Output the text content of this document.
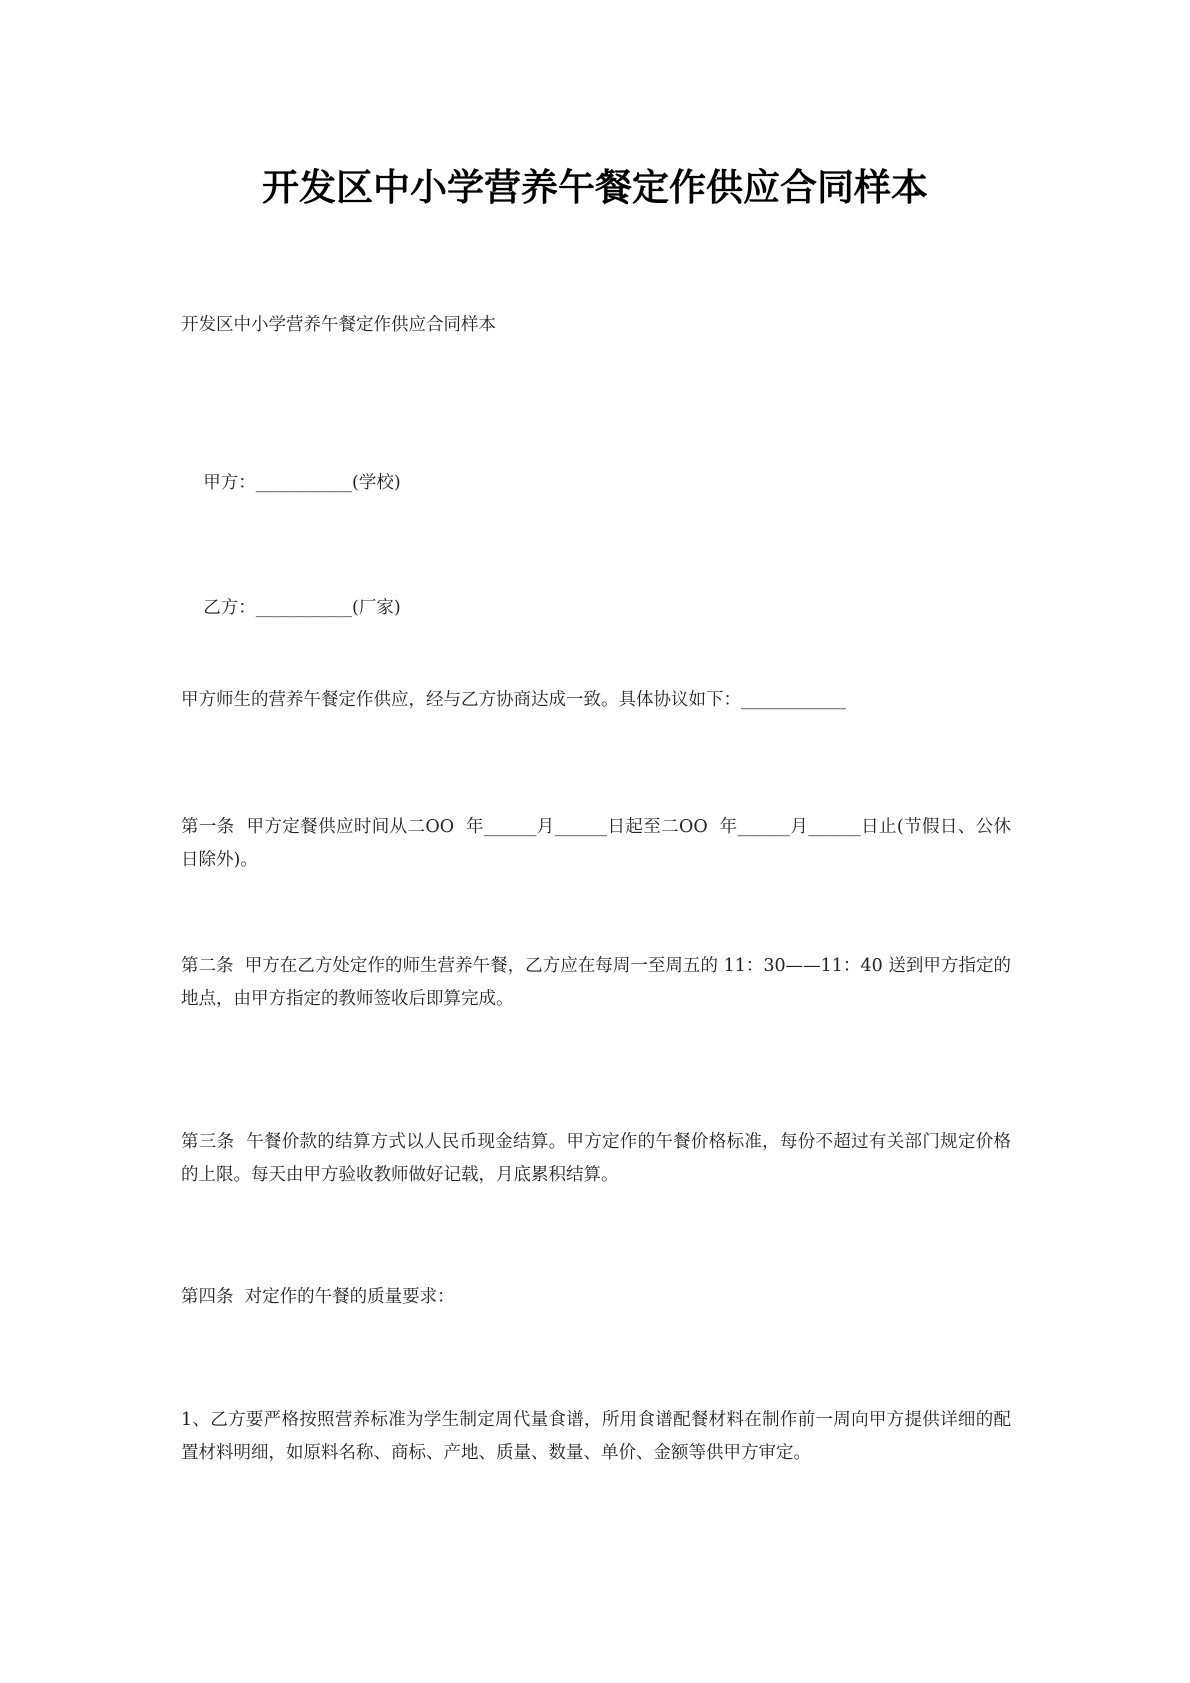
开发区中小学营养午餐定作供应合同样本
开发区中小学营养午餐定作供应合同样本

甲方：___________(学校)

乙方：___________(厂家)

甲方师生的营养午餐定作供应，经与乙方协商达成一致。具体协议如下：____________
第一条  甲方定餐供应时间从二OO  年______月______日起至二OO  年______月______日止(节假日、公休日除外)。
第二条  甲方在乙方处定作的师生营养午餐，乙方应在每周一至周五的 11：30——11：40 送到甲方指定的地点，由甲方指定的教师签收后即算完成。
第三条  午餐价款的结算方式以人民币现金结算。甲方定作的午餐价格标准，每份不超过有关部门规定价格的上限。每天由甲方验收教师做好记载，月底累积结算。
第四条  对定作的午餐的质量要求：
1、乙方要严格按照营养标准为学生制定周代量食谱，所用食谱配餐材料在制作前一周向甲方提供详细的配置材料明细，如原料名称、商标、产地、质量、数量、单价、金额等供甲方审定。
